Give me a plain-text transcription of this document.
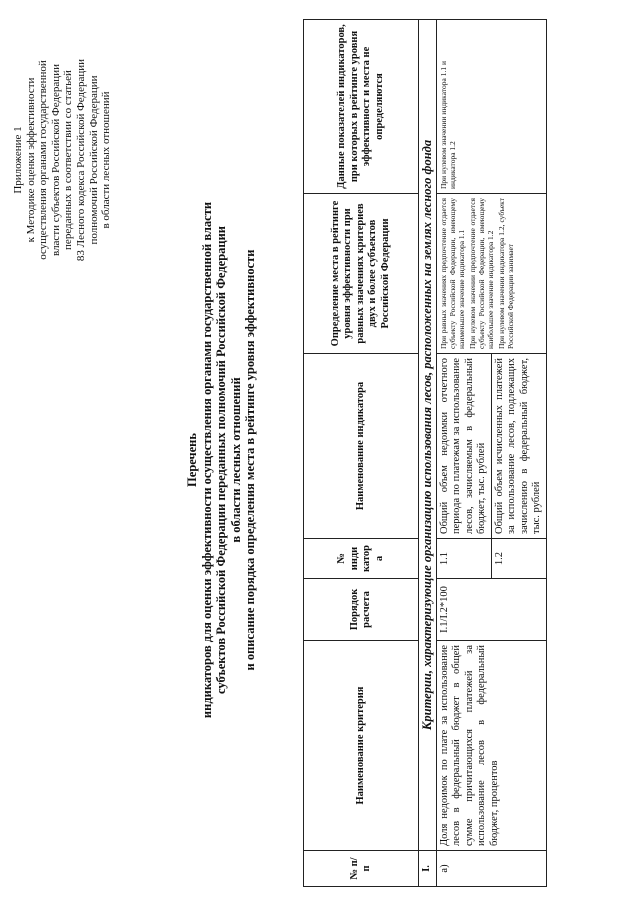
Приложение 1 к Методике оценки эффективности осуществления органами государственной власти субъектов Российской Федерации переданных в соответствии со статьей 83 Лесного кодекса Российской Федерации полномочий Российской Федерации в области лесных отношений
Перечень индикаторов для оценки эффективности осуществления органами государственной власти субъектов Российской Федерации переданных полномочий Российской Федерации в области лесных отношений и описание порядка определения места в рейтинге уровня эффективности
№ п/п	Наименование критерия	Порядок расчета	№ инди катор а	Наименование индикатора	Определение места в рейтинге уровня эффективности при равных значениях критериев двух и более субъектов Российской Федерации	Данные показателей индикаторов, при которых в рейтинге уровня эффективност и места не определяются
I.	Критерии, характеризующие организацию использования лесов, расположенных на землях лесного фонда					
а)	Доля недоимок по плате за использование лесов в федеральный бюджет в общей сумме причитающихся платежей за использование лесов в федеральный бюджет, процентов	I.1/I.2*100	1.1	Общий объем недоимки отчетного периода по платежам за использование лесов, зачисляемым в федеральный бюджет, тыс. рублей	При равных значениях предпочтение отдается субъекту Российской Федерации, имеющему наименьшее значение индикатора 1.1 При нулевом значении предпочтение отдается субъекту Российской Федерации, имеющему наибольшее значение индикатора 1.2 При нулевом значении индикатора 1.2, субъект Российской Федерации занимает	При нулевом значении индикатора 1.1 и индикатора 1.2

			1.2	Общий объем исчисленных платежей за использование лесов, подлежащих зачислению в федеральный бюджет, тыс. рублей		
